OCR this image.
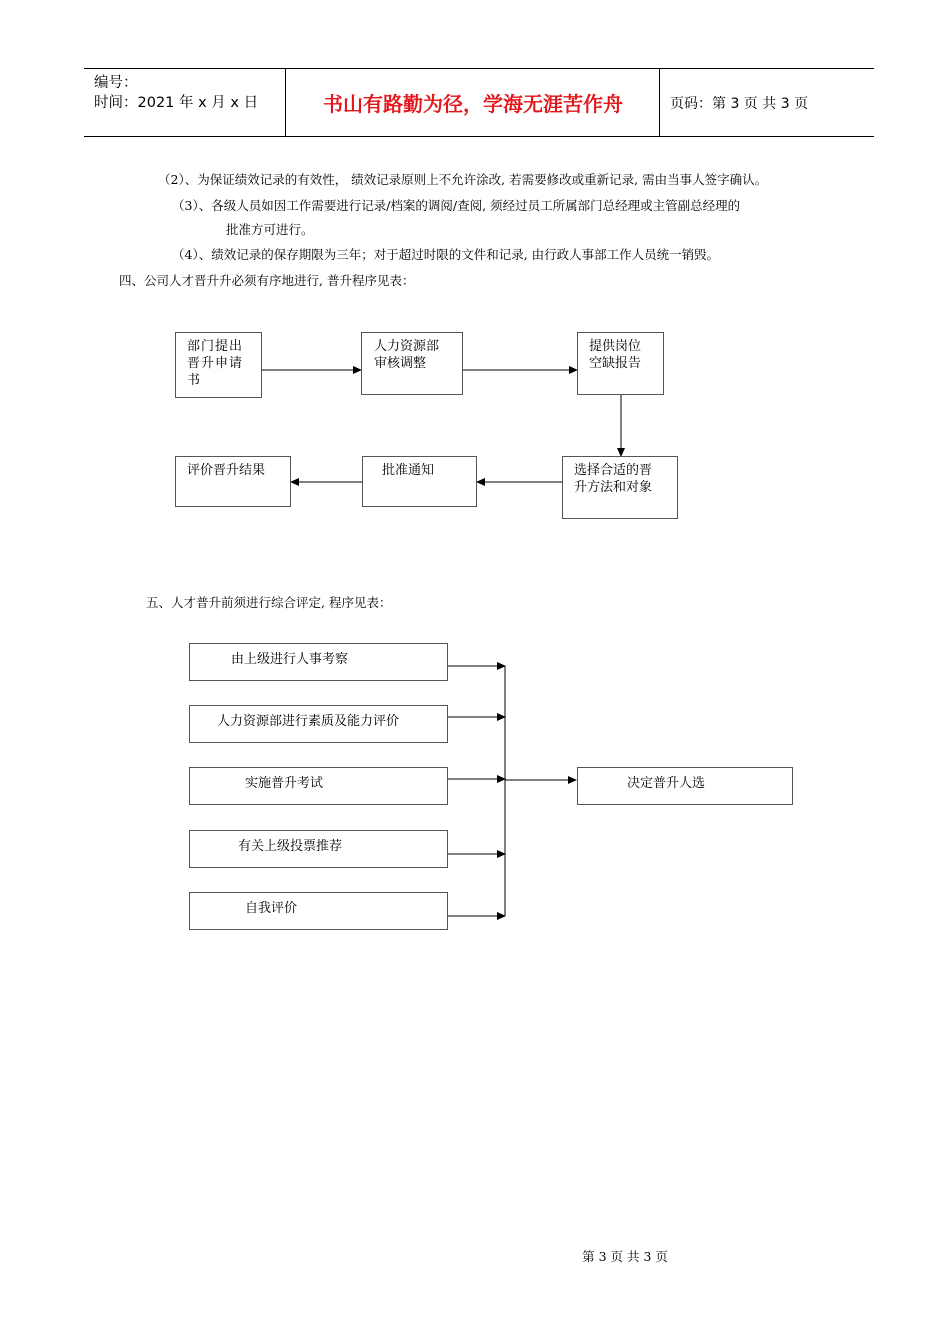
编号：
时间：2021 年 x 月 x 日	书山有路勤为径，学海无涯苦作舟	页码：第 3 页 共 3 页
（2）、为保证绩效记录的有效性， 绩效记录原则上不允许涂改, 若需要修改或重新记录, 需由当事人签字确认。
（3）、各级人员如因工作需要进行记录/档案的调阅/查阅, 须经过员工所属部门总经理或主管副总经理的
批准方可进行。
（4）、绩效记录的保存期限为三年；对于超过时限的文件和记录, 由行政人事部工作人员统一销毁。
四、公司人才晋升升必须有序地进行, 普升程序见表：
部门提出
晋升申请
书
人力资源部
审核调整
提供岗位
空缺报告
选择合适的晋
升方法和对象
批准通知
评价晋升结果
五、人才普升前须进行综合评定, 程序见表：
由上级进行人事考察
人力资源部进行素质及能力评价
实施普升考试
有关上级投票推荐
自我评价
决定普升人选
第 3 页 共 3 页
